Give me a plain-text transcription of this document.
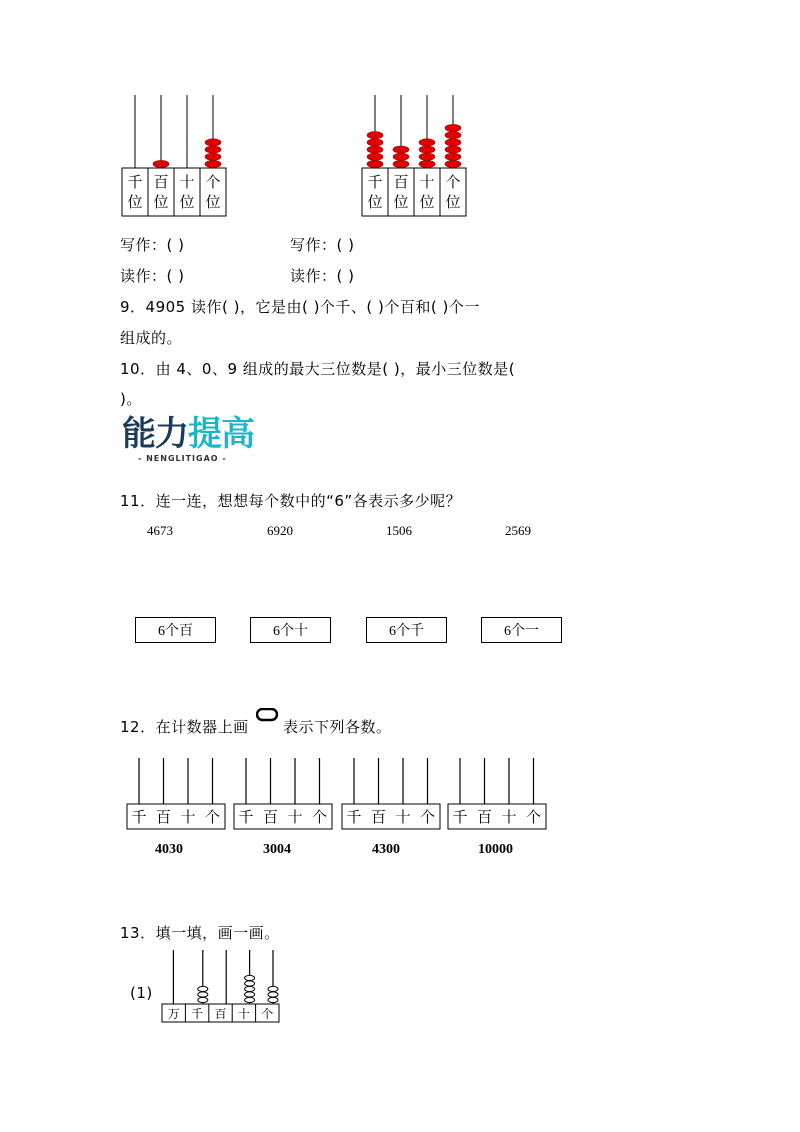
千
位
百
位
十
位
个
位
千
位
百
位
十
位
个
位
写作：( )	写作：( )
读作：( )	读作：( )
9．4905 读作( )，它是由( )个千、( )个百和( )个一
组成的。
10．由 4、0、9 组成的最大三位数是( )，最小三位数是(
)。
能力提高
- NENGLITIGAO -
11．连一连，想想每个数中的“6”各表示多少呢？
4673	6920	1506	2569
6个百	6个十	6个千	6个一
12．在计数器上画 表示下列各数。
千 百 十 个 千 百 十 个 千 百 十 个 千 百 十 个
4030	3004	4300	10000
13．填一填，画一画。
(1)
万 千 百 十 个
